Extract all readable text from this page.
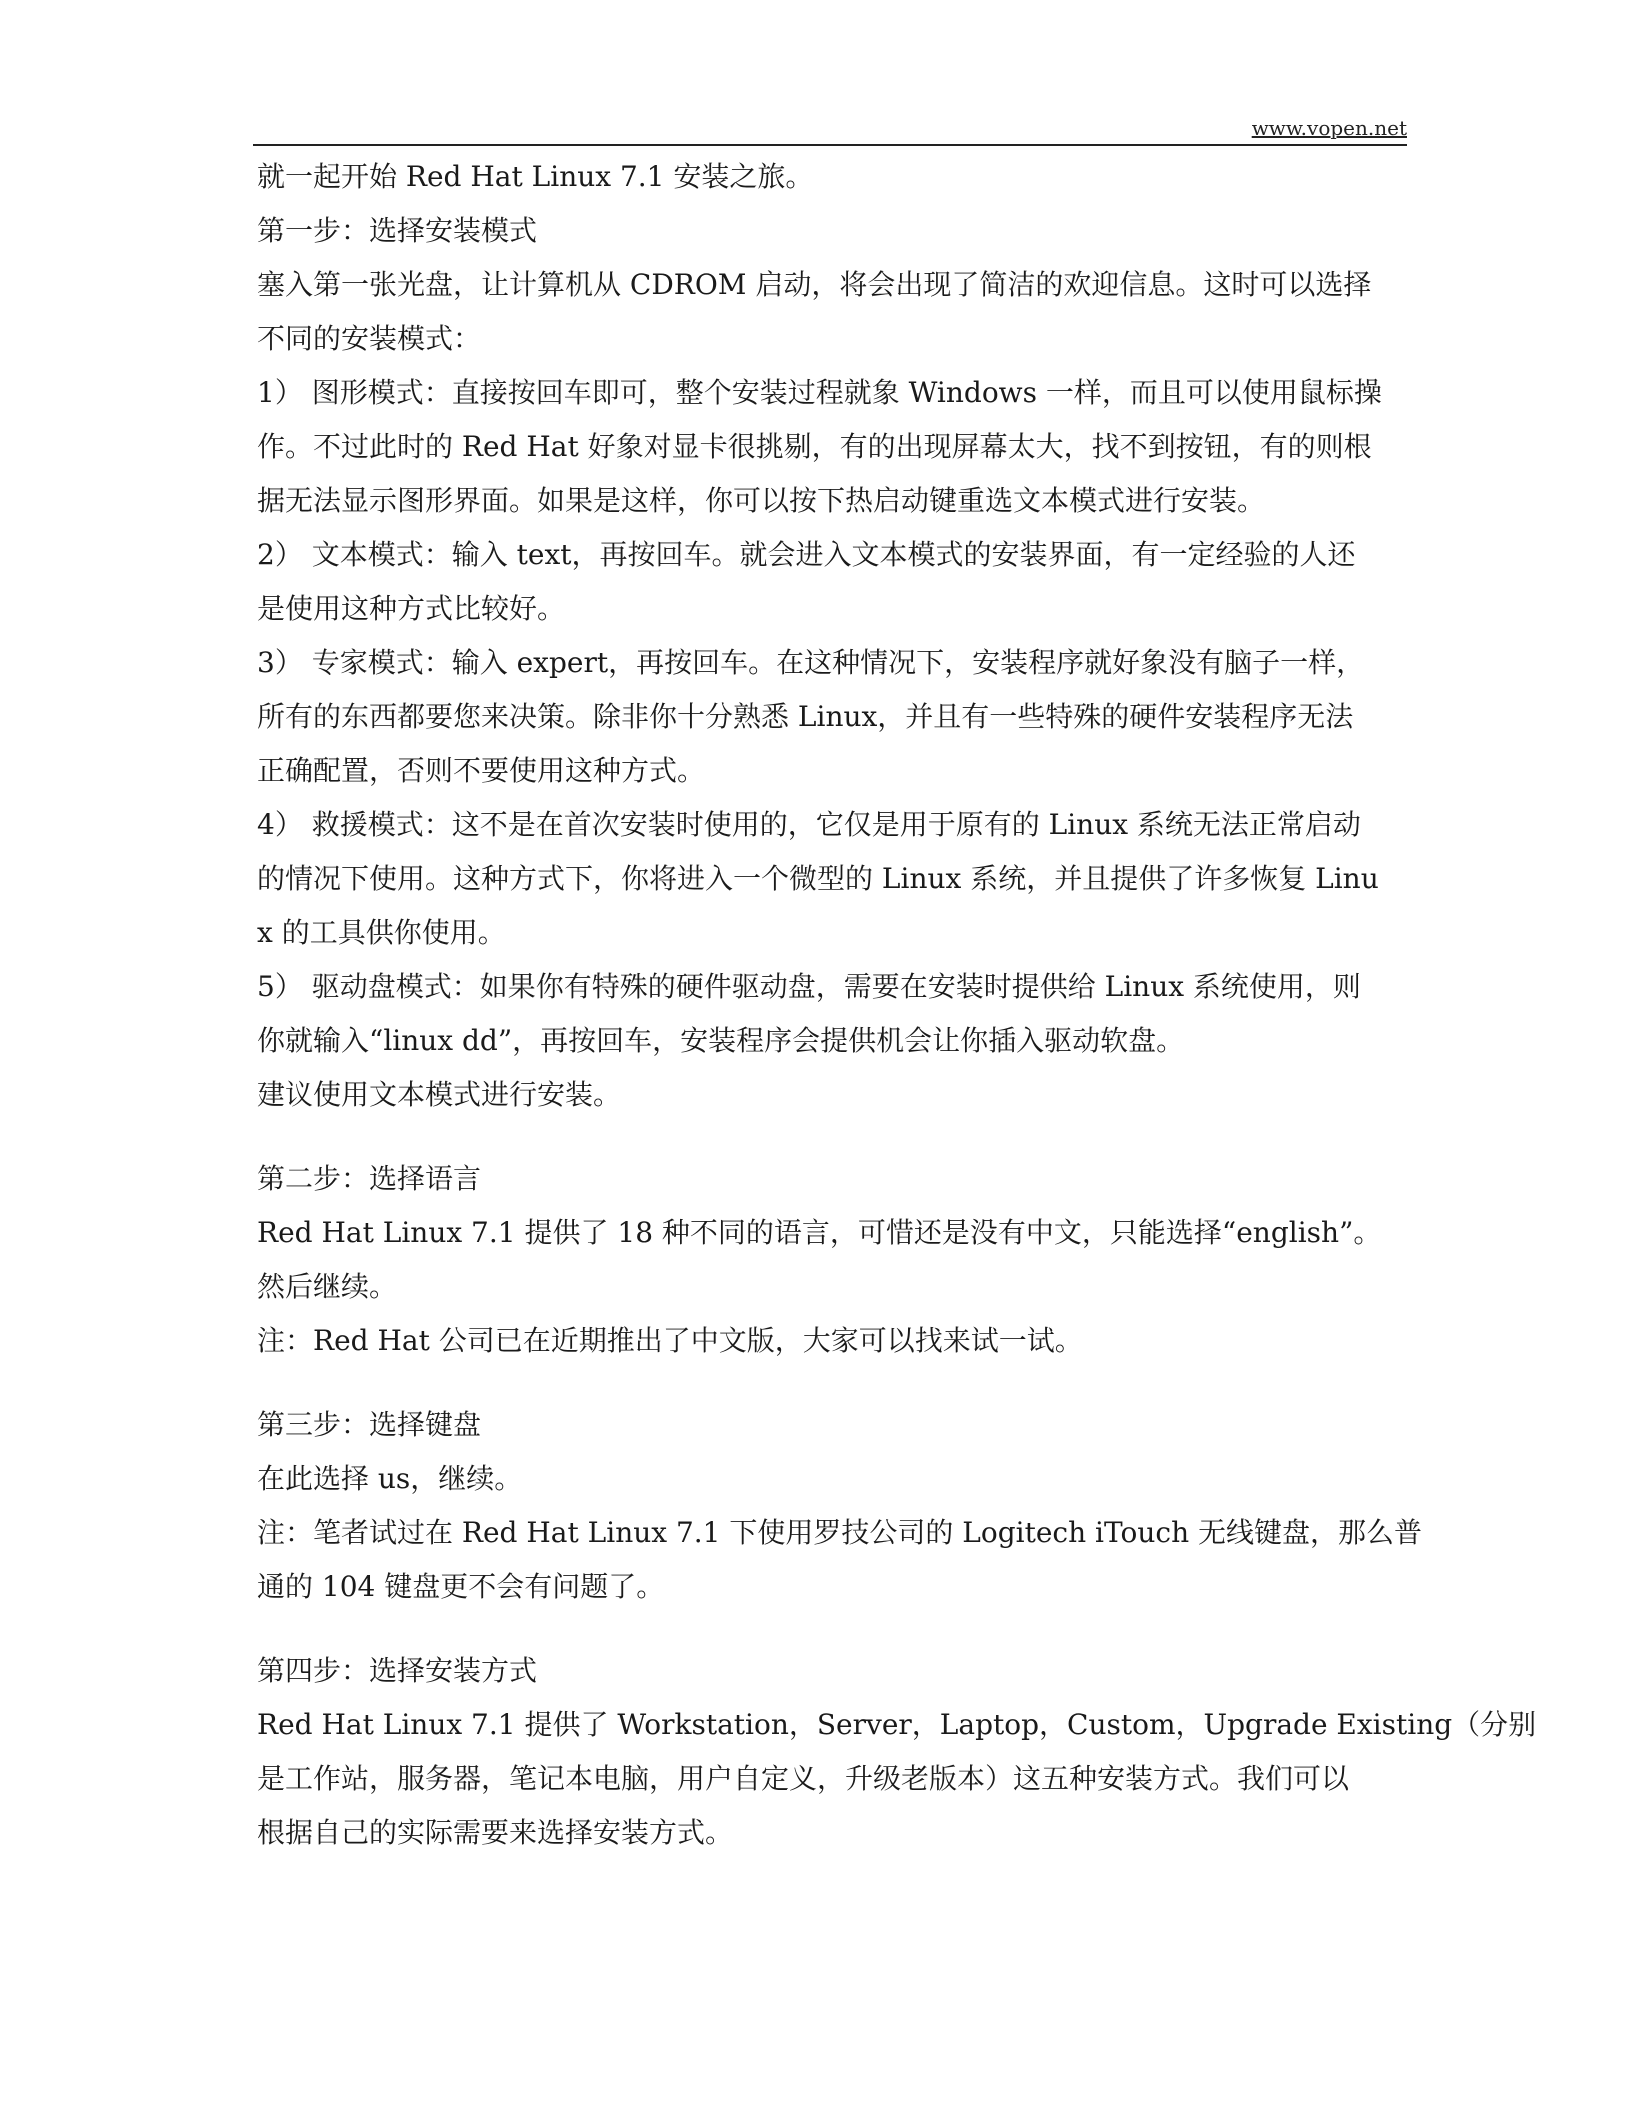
www.vopen.net
就一起开始 Red Hat Linux 7.1 安装之旅。
第一步：选择安装模式
塞入第一张光盘，让计算机从 CDROM 启动，将会出现了简洁的欢迎信息。这时可以选择
不同的安装模式：
1） 图形模式：直接按回车即可，整个安装过程就象 Windows 一样，而且可以使用鼠标操
作。不过此时的 Red Hat 好象对显卡很挑剔，有的出现屏幕太大，找不到按钮，有的则根
据无法显示图形界面。如果是这样，你可以按下热启动键重选文本模式进行安装。
2） 文本模式：输入 text，再按回车。就会进入文本模式的安装界面，有一定经验的人还
是使用这种方式比较好。
3） 专家模式：输入 expert，再按回车。在这种情况下，安装程序就好象没有脑子一样，
所有的东西都要您来决策。除非你十分熟悉 Linux，并且有一些特殊的硬件安装程序无法
正确配置，否则不要使用这种方式。
4） 救援模式：这不是在首次安装时使用的，它仅是用于原有的 Linux 系统无法正常启动
的情况下使用。这种方式下，你将进入一个微型的 Linux 系统，并且提供了许多恢复 Linu
x 的工具供你使用。
5） 驱动盘模式：如果你有特殊的硬件驱动盘，需要在安装时提供给 Linux 系统使用，则
你就输入“linux dd”，再按回车，安装程序会提供机会让你插入驱动软盘。
建议使用文本模式进行安装。
第二步：选择语言
Red Hat Linux 7.1 提供了 18 种不同的语言，可惜还是没有中文，只能选择“english”。
然后继续。
注：Red Hat 公司已在近期推出了中文版，大家可以找来试一试。
第三步：选择键盘
在此选择 us，继续。
注：笔者试过在 Red Hat Linux 7.1 下使用罗技公司的 Logitech iTouch 无线键盘，那么普
通的 104 键盘更不会有问题了。
第四步：选择安装方式
Red Hat Linux 7.1 提供了 Workstation，Server，Laptop，Custom，Upgrade Existing（分别
是工作站，服务器，笔记本电脑，用户自定义，升级老版本）这五种安装方式。我们可以
根据自己的实际需要来选择安装方式。
